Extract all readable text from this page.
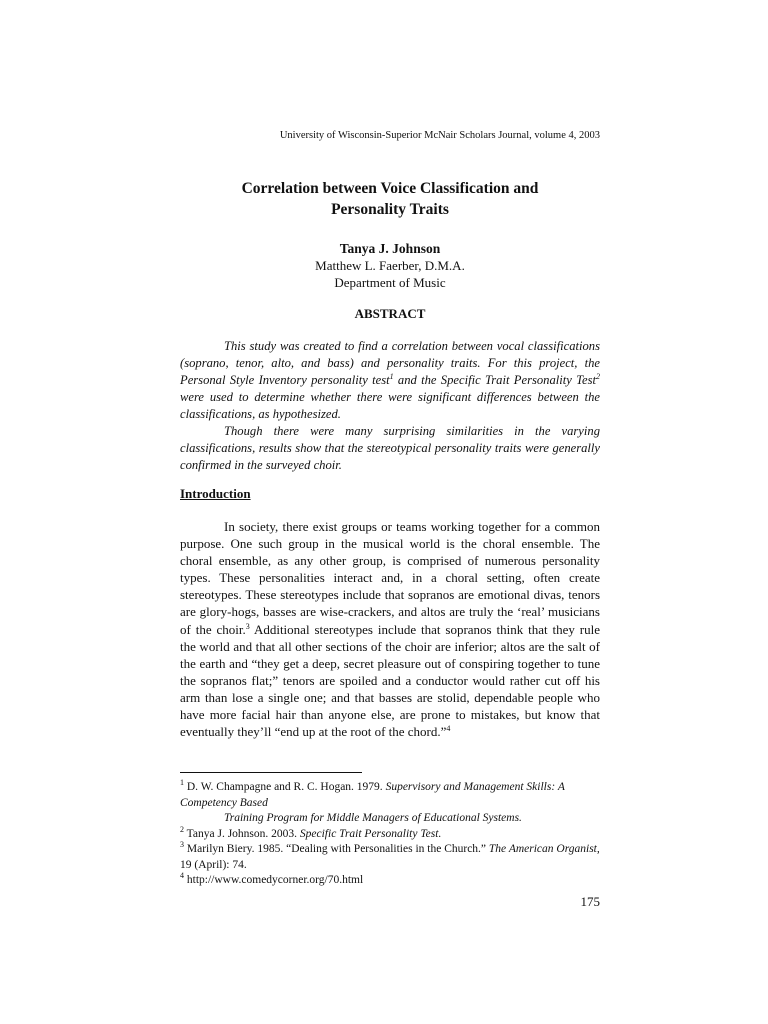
University of Wisconsin-Superior McNair Scholars Journal, volume 4, 2003
Correlation between Voice Classification and
Personality Traits
Tanya J. Johnson
Matthew L. Faerber, D.M.A.
Department of Music
ABSTRACT

This study was created to find a correlation between vocal classifications (soprano, tenor, alto, and bass) and personality traits. For this project, the Personal Style Inventory personality test$^1$ and the Specific Trait Personality Test$^2$ were used to determine whether there were significant differences between the classifications, as hypothesized.

Though there were many surprising similarities in the varying classifications, results show that the stereotypical personality traits were generally confirmed in the surveyed choir.

Introduction

In society, there exist groups or teams working together for a common purpose. One such group in the musical world is the choral ensemble. The choral ensemble, as any other group, is comprised of numerous personality types. These personalities interact and, in a choral setting, often create stereotypes. These stereotypes include that sopranos are emotional divas, tenors are glory-hogs, basses are wise-crackers, and altos are truly the ‘real’ musicians of the choir.$^3$ Additional stereotypes include that sopranos think that they rule the world and that all other sections of the choir are inferior; altos are the salt of the earth and “they get a deep, secret pleasure out of conspiring together to tune the sopranos flat;” tenors are spoiled and a conductor would rather cut off his arm than lose a single one; and that basses are stolid, dependable people who have more facial hair than anyone else, are prone to mistakes, but know that eventually they’ll “end up at the root of the chord.”$^4$

$^1$ D. W. Champagne and R. C. Hogan. 1979. Supervisory and Management Skills: A Competency Based

Training Program for Middle Managers of Educational Systems.

$^2$ Tanya J. Johnson. 2003. Specific Trait Personality Test.

$^3$ Marilyn Biery. 1985. “Dealing with Personalities in the Church.” The American Organist, 19 (April): 74.

$^4$ http://www.comedycorner.org/70.html

175
